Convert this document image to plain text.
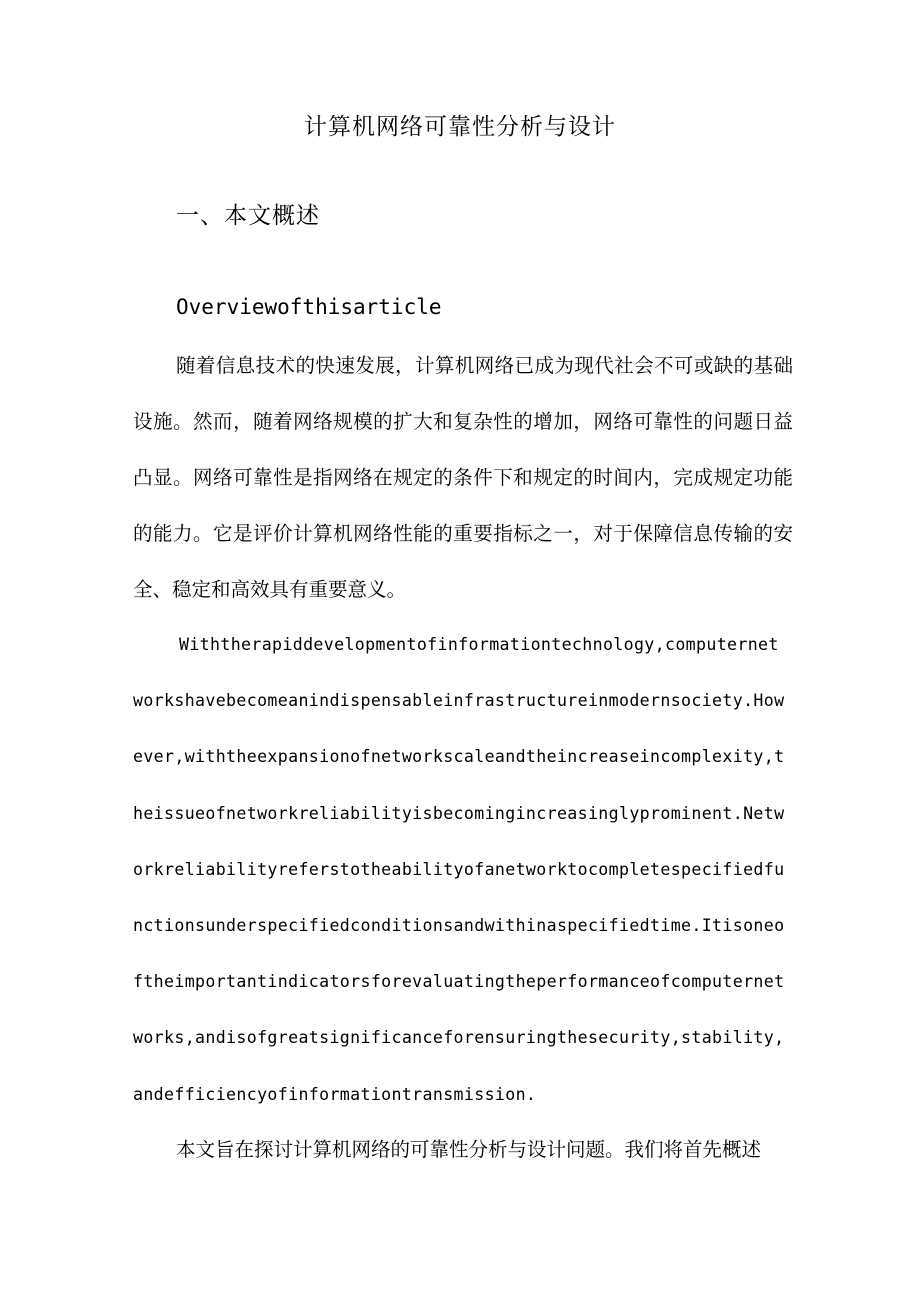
计算机网络可靠性分析与设计
一、本文概述
Overviewofthisarticle

随着信息技术的快速发展，计算机网络已成为现代社会不可或缺的基础设施。然而，随着网络规模的扩大和复杂性的增加，网络可靠性的问题日益凸显。网络可靠性是指网络在规定的条件下和规定的时间内，完成规定功能的能力。它是评价计算机网络性能的重要指标之一，对于保障信息传输的安全、稳定和高效具有重要意义。

Withtherapiddevelopmentofinformationtechnology,computernetworkshavebecomeanindispensableinfrastructureinmodernsociety.However,withtheexpansionofnetworkscaleandtheincreaseincomplexity,theissueofnetworkreliabilityisbecomingincreasinglyprominent.Networkreliabilityreferstotheabilityofanetworktocompletespecifiedfunctionsunderspecifiedconditionsandwithinaspecifiedtime.Itisoneoftheimportantindicatorsforevaluatingtheperformanceofcomputernetworks,andisofgreatsignificanceforensuringthesecurity,stability,andefficiencyofinformationtransmission.

本文旨在探讨计算机网络的可靠性分析与设计问题。我们将首先概述
